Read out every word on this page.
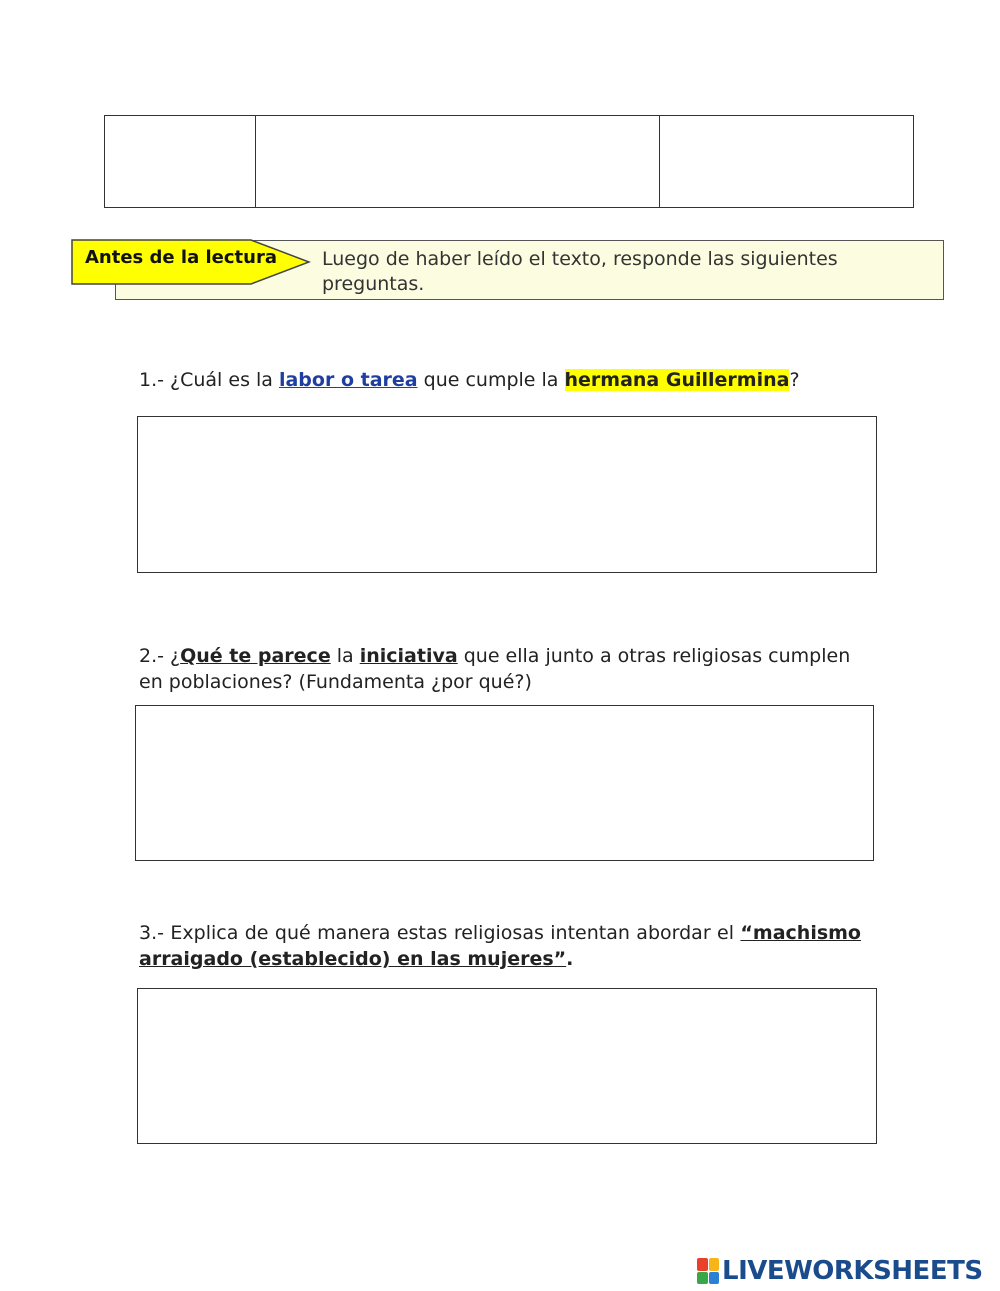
Antes de la lectura Luego de haber leído el texto, responde las siguientes preguntas.
1.- ¿Cuál es la labor o tarea que cumple la hermana Guillermina?
2.- ¿Qué te parece la iniciativa que ella junto a otras religiosas cumplen en poblaciones? (Fundamenta ¿por qué?)
3.- Explica de qué manera estas religiosas intentan abordar el “machismo arraigado (establecido) en las mujeres”.
LIVEWORKSHEETS
